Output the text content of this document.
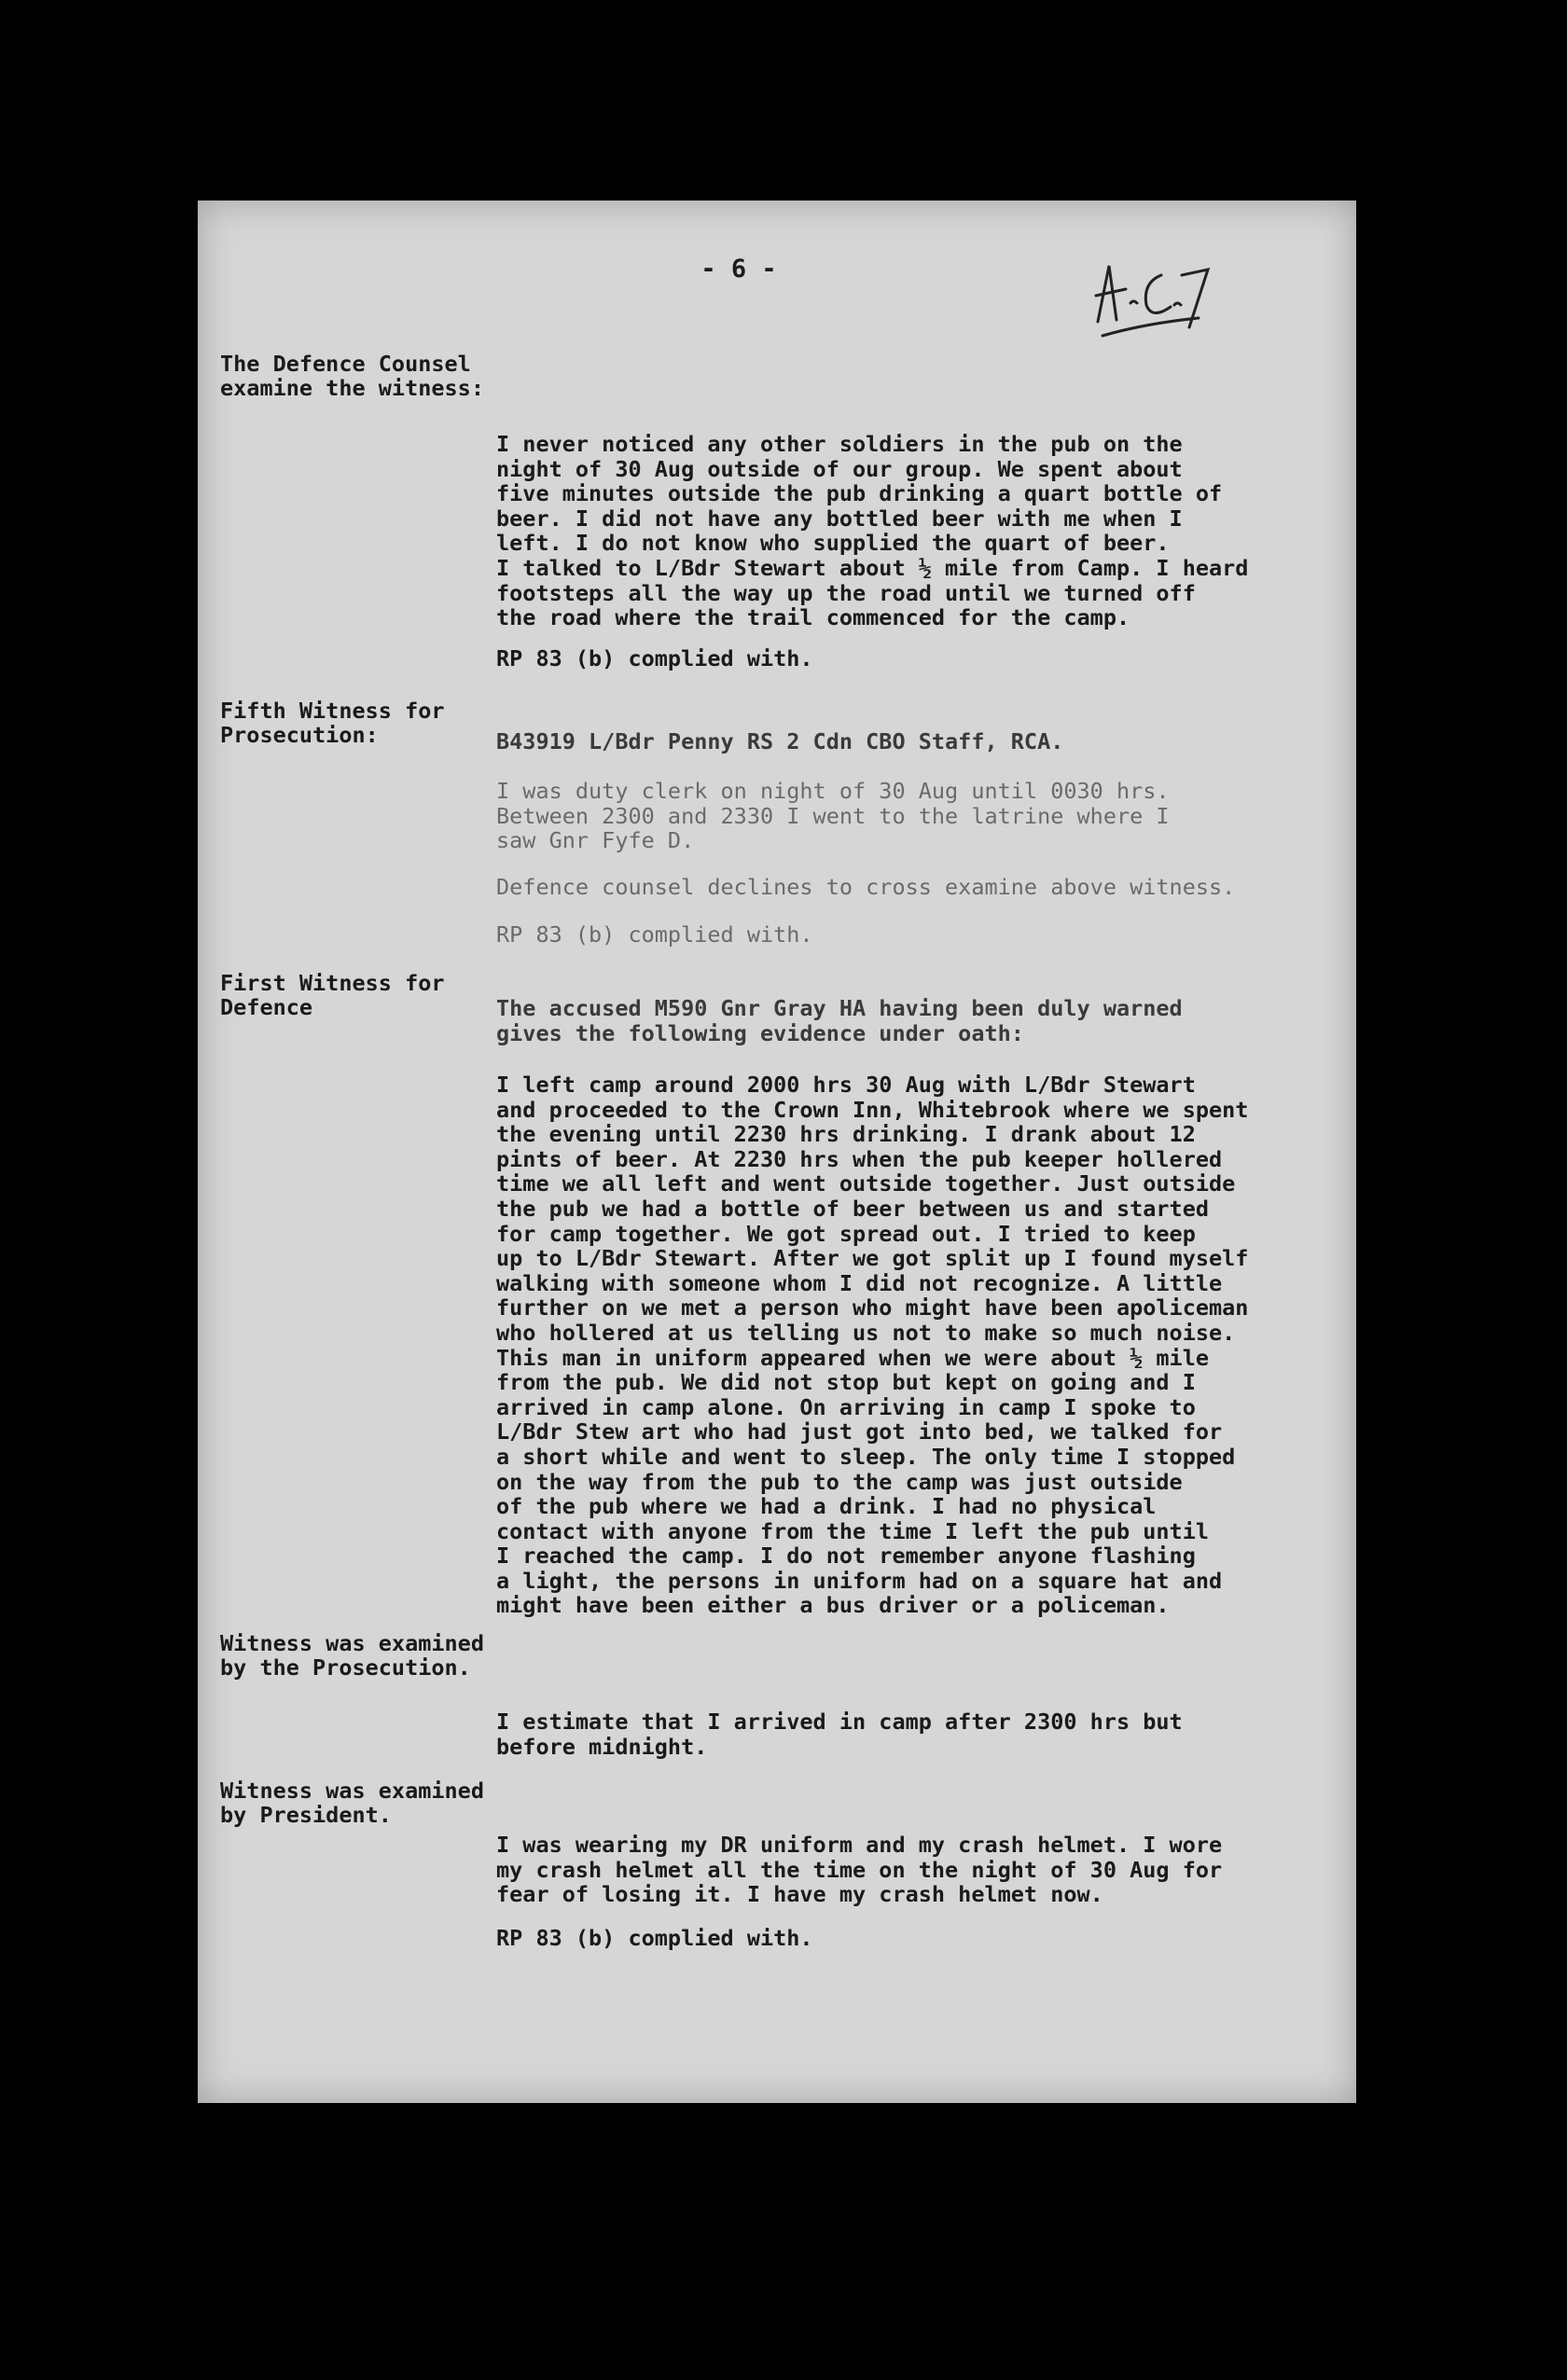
- 6 -
The Defence Counsel
examine the witness:
I never noticed any other soldiers in the pub on the
night of 30 Aug outside of our group. We spent about
five minutes outside the pub drinking a quart bottle of
beer. I did not have any bottled beer with me when I
left. I do not know who supplied the quart of beer.
I talked to L/Bdr Stewart about ½ mile from Camp. I heard
footsteps all the way up the road until we turned off
the road where the trail commenced for the camp.
RP 83 (b) complied with.
Fifth Witness for
Prosecution:	B43919 L/Bdr Penny RS 2 Cdn CBO Staff, RCA.
I was duty clerk on night of 30 Aug until 0030 hrs.
Between 2300 and 2330 I went to the latrine where I
saw Gnr Fyfe D.
Defence counsel declines to cross examine above witness.
RP 83 (b) complied with.
First Witness for
Defence	The accused M590 Gnr Gray HA having been duly warned
gives the following evidence under oath:
I left camp around 2000 hrs 30 Aug with L/Bdr Stewart
and proceeded to the Crown Inn, Whitebrook where we spent
the evening until 2230 hrs drinking. I drank about 12
pints of beer. At 2230 hrs when the pub keeper hollered
time we all left and went outside together. Just outside
the pub we had a bottle of beer between us and started
for camp together. We got spread out. I tried to keep
up to L/Bdr Stewart. After we got split up I found myself
walking with someone whom I did not recognize. A little
further on we met a person who might have been apoliceman
who hollered at us telling us not to make so much noise.
This man in uniform appeared when we were about ½ mile
from the pub. We did not stop but kept on going and I
arrived in camp alone. On arriving in camp I spoke to
L/Bdr Stew art who had just got into bed, we talked for
a short while and went to sleep. The only time I stopped
on the way from the pub to the camp was just outside
of the pub where we had a drink. I had no physical
contact with anyone from the time I left the pub until
I reached the camp. I do not remember anyone flashing
a light, the persons in uniform had on a square hat and
might have been either a bus driver or a policeman.
Witness was examined
by the Prosecution.
I estimate that I arrived in camp after 2300 hrs but
before midnight.
Witness was examined
by President.
I was wearing my DR uniform and my crash helmet. I wore
my crash helmet all the time on the night of 30 Aug for
fear of losing it. I have my crash helmet now.
RP 83 (b) complied with.
